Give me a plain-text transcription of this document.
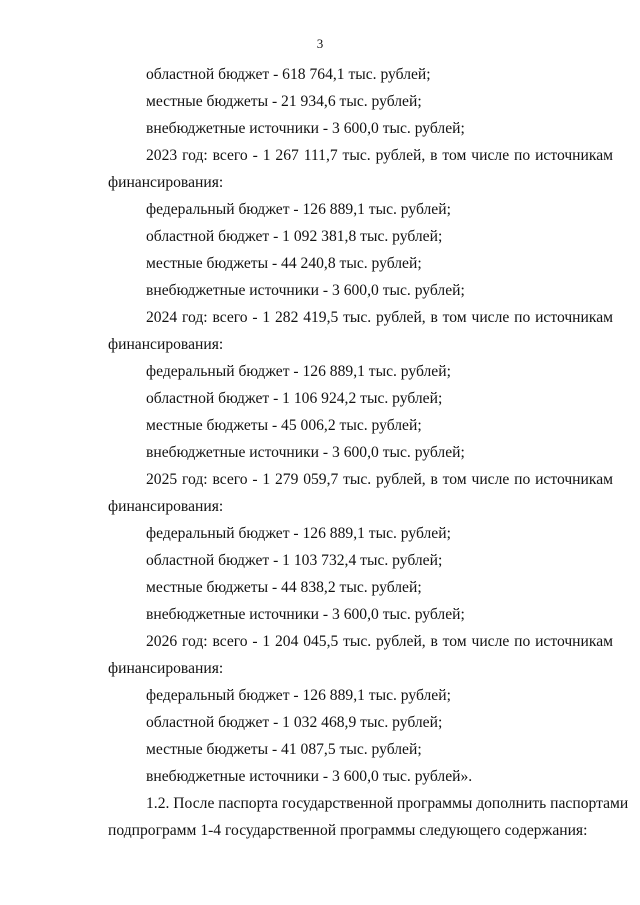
3
областной бюджет - 618 764,1 тыс. рублей;
местные бюджеты - 21 934,6 тыс. рублей;
внебюджетные источники - 3 600,0 тыс. рублей;
2023 год: всего - 1 267 111,7 тыс. рублей, в том числе по источникам
финансирования:
федеральный бюджет - 126 889,1 тыс. рублей;
областной бюджет - 1 092 381,8 тыс. рублей;
местные бюджеты - 44 240,8 тыс. рублей;
внебюджетные источники - 3 600,0 тыс. рублей;
2024 год: всего - 1 282 419,5 тыс. рублей, в том числе по источникам
финансирования:
федеральный бюджет - 126 889,1 тыс. рублей;
областной бюджет - 1 106 924,2 тыс. рублей;
местные бюджеты - 45 006,2 тыс. рублей;
внебюджетные источники - 3 600,0 тыс. рублей;
2025 год: всего - 1 279 059,7 тыс. рублей, в том числе по источникам
финансирования:
федеральный бюджет - 126 889,1 тыс. рублей;
областной бюджет - 1 103 732,4 тыс. рублей;
местные бюджеты - 44 838,2 тыс. рублей;
внебюджетные источники - 3 600,0 тыс. рублей;
2026 год: всего - 1 204 045,5 тыс. рублей, в том числе по источникам
финансирования:
федеральный бюджет - 126 889,1 тыс. рублей;
областной бюджет - 1 032 468,9 тыс. рублей;
местные бюджеты - 41 087,5 тыс. рублей;
внебюджетные источники - 3 600,0 тыс. рублей».
1.2. После паспорта государственной программы дополнить паспортами
подпрограмм 1-4 государственной программы следующего содержания:
